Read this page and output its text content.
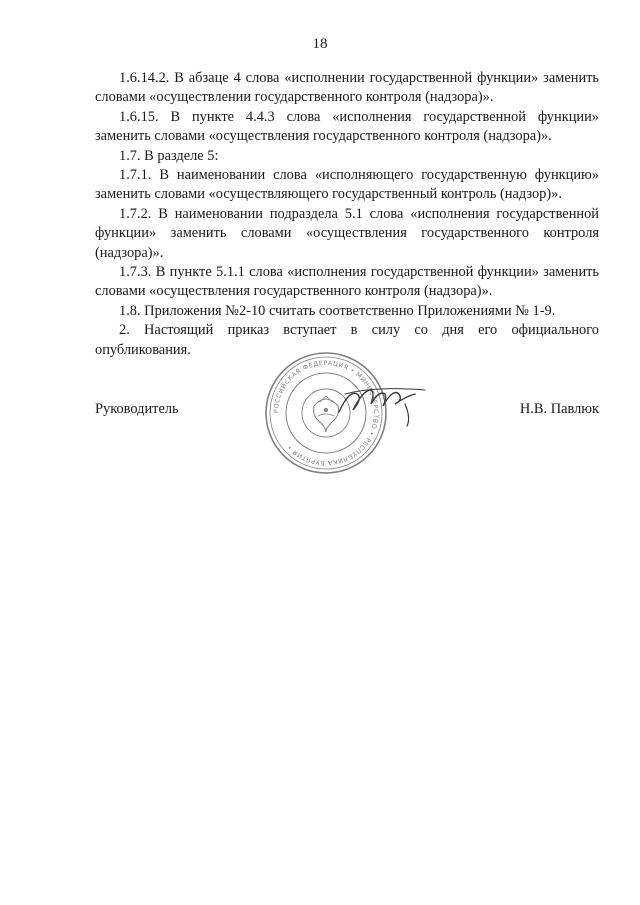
18

1.6.14.2. В абзаце 4 слова «исполнении государственной функции» заменить словами «осуществлении государственного контроля (надзора)».

1.6.15. В пункте 4.4.3 слова «исполнения государственной функции» заменить словами «осуществления государственного контроля (надзора)».

1.7. В разделе 5:

1.7.1. В наименовании слова «исполняющего государственную функцию» заменить словами «осуществляющего государственный контроль (надзор)».

1.7.2. В наименовании подраздела 5.1 слова «исполнения государственной функции» заменить словами «осуществления государственного контроля (надзора)».

1.7.3. В пункте 5.1.1 слова «исполнения государственной функции» заменить словами «осуществления государственного контроля (надзора)».

1.8. Приложения №2-10 считать соответственно Приложениями № 1-9.

2. Настоящий приказ вступает в силу со дня его официального опубликования.

Руководитель	Н.В. Павлюк
РОССИЙСКАЯ ФЕДЕРАЦИЯ • МИНИСТЕРСТВО • РЕСПУБЛИКА БУРЯТИЯ •
